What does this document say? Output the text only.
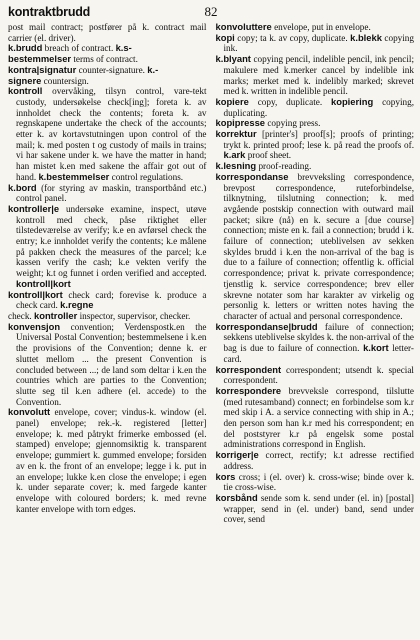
kontraktbrudd	82
post mail contract; postfører på k. contract mail carrier (el. driver).
k.brudd breach of contract. k.s-
bestemmelser terms of contract.
kontra|signatur counter-signature. k.-
signere countersign.
kontroll overvåking, tilsyn control, vare-tekt custody, undersøkelse check[ing]; foreta k. av innholdet check the contents; foreta k. av regnskapene undertake the check of the accounts; etter k. av kortavstutningen upon control of the mail; k. med posten t og custody of mails in trains; vi har sakene under k. we have the matter in hand; han mistet k.en med sakene the affair got out of hand. k.bestemmelser control regulations.
k.bord (for styring av maskin, transportbånd etc.) control panel.
kontroller|e undersøke examine, inspect, utøve kontroll med check, påse riktighet eller tilstedeværelse av verify; k.e en avførsel check the entry; k.e innholdet verify the contents; k.e målene på pakken check the measures of the parcel; k.e kassen verify the cash; k.e vekten verify the weight; k.t og funnet i orden verified and accepted. kontroll|kort
kontroll|kort check card; forevise k. produce a check card. k.regne
check. kontroller inspector, supervisor, checker.
konvensjon convention; Verdenspostk.en the Universal Postal Convention; bestemmelsene i k.en the provisions of the Convention; denne k. er sluttet mellom ... the present Convention is concluded between ...; de land som deltar i k.en the countries which are parties to the Convention; slutte seg til k.en adhere (el. accede) to the Convention.
konvolutt envelope, cover; vindus-k. window (el. panel) envelope; rek.-k. registered [letter] envelope; k. med påtrykt frimerke embossed (el. stamped) envelope; gjennomsiktig k. transparent envelope; gummiert k. gummed envelope; forsiden av en k. the front of an envelope; legge i k. put in an envelope; lukke k.en close the envelope; i egen k. under separate cover; k. med fargede kanter envelope with coloured borders; k. med revne kanter envelope with torn edges.
konvoluttere envelope, put in envelope.
kopi copy; ta k. av copy, duplicate. k.blekk copying ink.
k.blyant copying pencil, indelible pencil, ink pencil; makulere med k.merker cancel by indelible ink marks; merket med k. indelibly marked; skrevet med k. written in indelible pencil.
kopiere copy, duplicate. kopiering copying, duplicating.
kopipresse copying press.
korrektur [printer's] proof[s]; proofs of printing; trykt k. printed proof; lese k. på read the proofs of. k.ark proof sheet.
k.lesning proof-reading.
korrespondanse brevveksling correspondence, brevpost correspondence, ruteforbindelse, tilknytning, tilslutning connection; k. med avgående postskip connection with outward mail packet; sikre (nå) en k. secure a [due course] connection; miste en k. fail a connection; brudd i k. failure of connection; uteblivelsen av sekken skyldes brudd i k.en the non-arrival of the bag is due to a failure of connection; offentlig k. official correspondence; privat k. private correspondence; tjenstlig k. service correspondence; brev eller skrevne notater som har karakter av virkelig og personlig k. letters or written notes having the character of actual and personal correspondence.
korrespondanse|brudd failure of connection; sekkens uteblivelse skyldes k. the non-arrival of the bag is due to failure of connection. k.kort letter-card.
korrespondent correspondent; utsendt k. special correspondent.
korrespondere brevveksle correspond, tilslutte (med rutesamband) connect; en forbindelse som k.r med skip i A. a service connecting with ship in A.; den person som han k.r med his correspondent; en del poststyrer k.r på engelsk some postal administrations correspond in English.
korriger|e correct, rectify; k.t adresse rectified address.
kors cross; i (el. over) k. cross-wise; binde over k. tie cross-wise.
korsbånd sende som k. send under (el. in) [postal] wrapper, send in (el. under) band, send under cover, send
